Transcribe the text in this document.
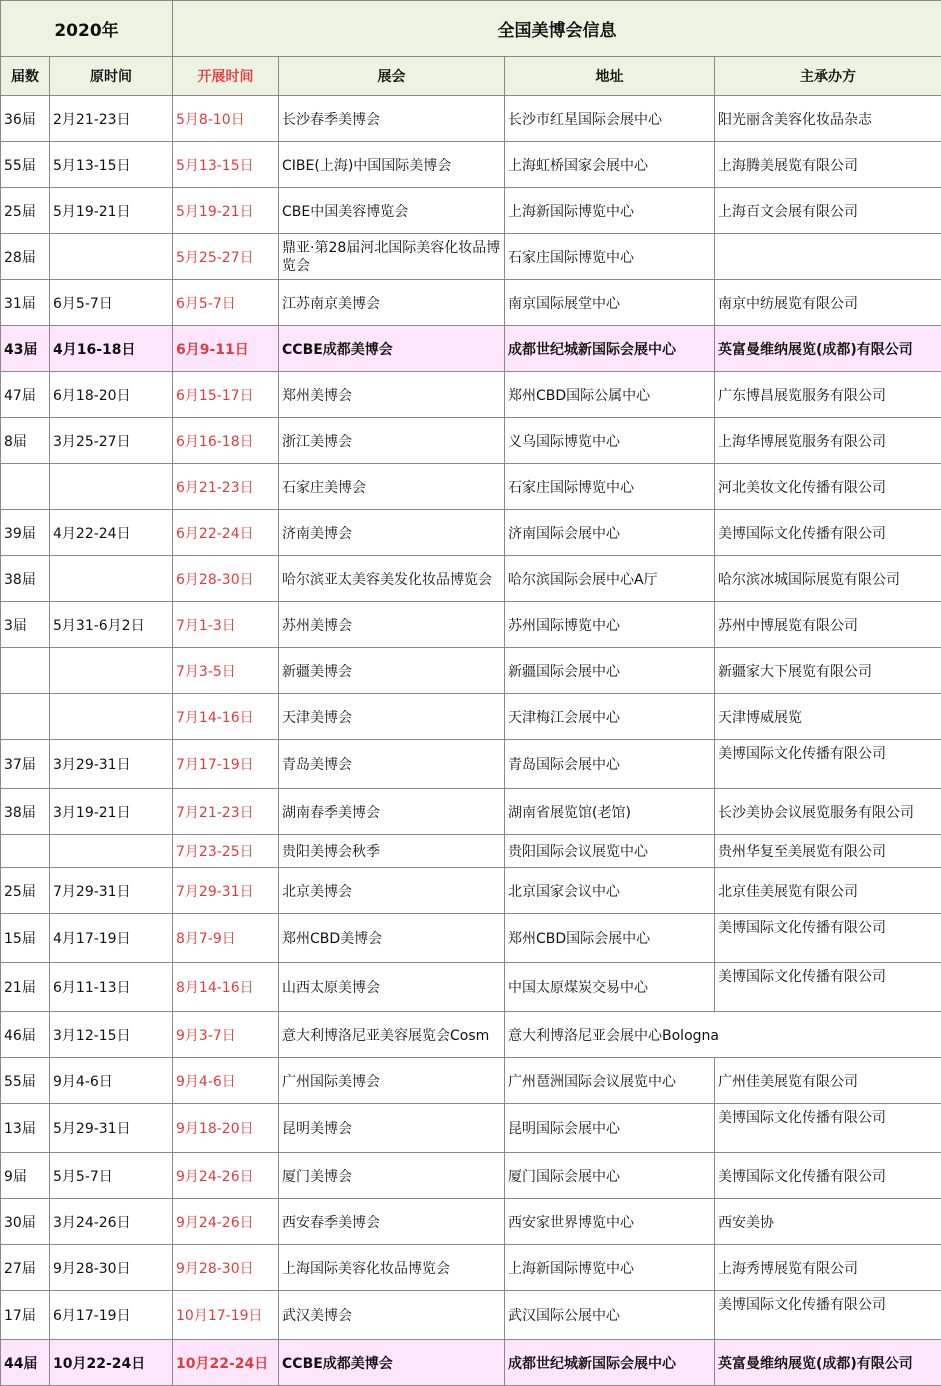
2020年		全国美博会信息			
届数	原时间	开展时间	展会	地址	主承办方
36届	2月21-23日	5月8-10日	长沙春季美博会	长沙市红星国际会展中心	阳光丽含美容化妆品杂志
55届	5月13-15日	5月13-15日	CIBE(上海)中国国际美博会	上海虹桥国家会展中心	上海腾美展览有限公司
25届	5月19-21日	5月19-21日	CBE中国美容博览会	上海新国际博览中心	上海百文会展有限公司
28届		5月25-27日	鼎亚·第28届河北国际美容化妆品博览会	石家庄国际博览中心	
31届	6月5-7日	6月5-7日	江苏南京美博会	南京国际展堂中心	南京中纺展览有限公司
43届	4月16-18日	6月9-11日	CCBE成都美博会	成都世纪城新国际会展中心	英富曼维纳展览(成都)有限公司
47届	6月18-20日	6月15-17日	郑州美博会	郑州CBD国际公属中心	广东博昌展览服务有限公司
8届	3月25-27日	6月16-18日	浙江美博会	义乌国际博览中心	上海华博展览服务有限公司
		6月21-23日	石家庄美博会	石家庄国际博览中心	河北美妆文化传播有限公司
39届	4月22-24日	6月22-24日	济南美博会	济南国际会展中心	美博国际文化传播有限公司
38届		6月28-30日	哈尔滨亚太美容美发化妆品博览会	哈尔滨国际会展中心A厅	哈尔滨冰城国际展览有限公司
3届	5月31-6月2日	7月1-3日	苏州美博会	苏州国际博览中心	苏州中博展览有限公司
		7月3-5日	新疆美博会	新疆国际会展中心	新疆家大下展览有限公司
		7月14-16日	天津美博会	天津梅江会展中心	天津博威展览
37届	3月29-31日	7月17-19日	青岛美博会	青岛国际会展中心	美博国际文化传播有限公司
38届	3月19-21日	7月21-23日	湖南春季美博会	湖南省展览馆(老馆)	长沙美协会议展览服务有限公司
		7月23-25日	贵阳美博会秋季	贵阳国际会议展览中心	贵州华复至美展览有限公司
25届	7月29-31日	7月29-31日	北京美博会	北京国家会议中心	北京佳美展览有限公司
15届	4月17-19日	8月7-9日	郑州CBD美博会	郑州CBD国际会展中心	美博国际文化传播有限公司
21届	6月11-13日	8月14-16日	山西太原美博会	中国太原煤炭交易中心	美博国际文化传播有限公司
46届	3月12-15日	9月3-7日	意大利博洛尼亚美容展览会Cosm	意大利博洛尼亚会展中心Bologna	
55届	9月4-6日	9月4-6日	广州国际美博会	广州琶洲国际会议展览中心	广州佳美展览有限公司
13届	5月29-31日	9月18-20日	昆明美博会	昆明国际会展中心	美博国际文化传播有限公司
9届	5月5-7日	9月24-26日	厦门美博会	厦门国际会展中心	美博国际文化传播有限公司
30届	3月24-26日	9月24-26日	西安春季美博会	西安家世界博览中心	西安美协
27届	9月28-30日	9月28-30日	上海国际美容化妆品博览会	上海新国际博览中心	上海秀博展览有限公司
17届	6月17-19日	10月17-19日	武汉美博会	武汉国际公展中心	美博国际文化传播有限公司
44届	10月22-24日	10月22-24日	CCBE成都美博会	成都世纪城新国际会展中心	英富曼维纳展览(成都)有限公司
